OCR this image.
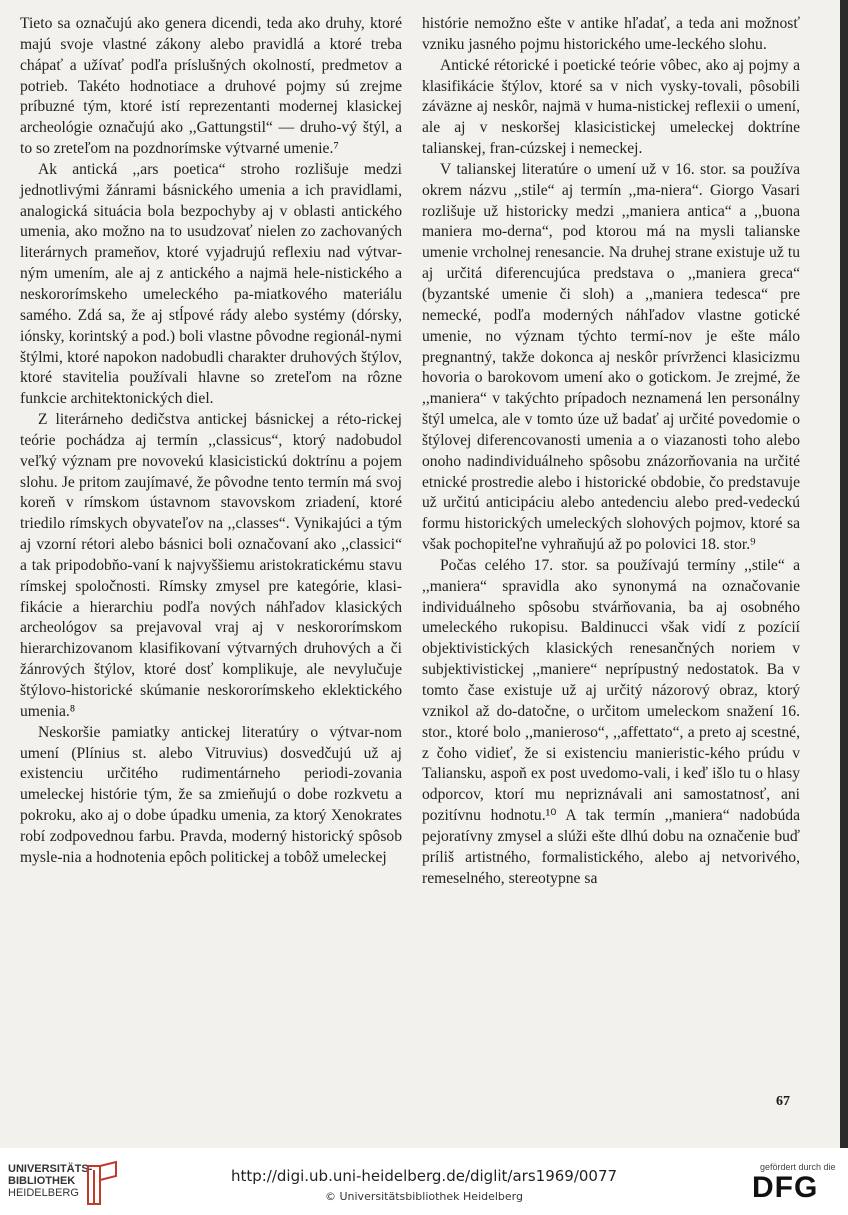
Tieto sa označujú ako genera dicendi, teda ako druhy, ktoré majú svoje vlastné zákony alebo pravidlá a ktoré treba chápať a užívať podľa príslušných okolností, predmetov a potrieb. Takéto hodnotiace a druhové pojmy sú zrejme príbuzné tým, ktoré istí reprezentanti modernej klasickej archeológie označujú ako ,,Gattungstil“ — druho-vý štýl, a to so zreteľom na pozdnorímske výtvarné umenie.⁷

Ak antická ,,ars poetica“ stroho rozlišuje medzi jednotlivými žánrami básnického umenia a ich pravidlami, analogická situácia bola bezpochyby aj v oblasti antického umenia, ako možno na to usudzovať nielen zo zachovaných literárnych prameňov, ktoré vyjadrujú reflexiu nad výtvar-ným umením, ale aj z antického a najmä hele-nistického a neskororímskeho umeleckého pa-miatkového materiálu samého. Zdá sa, že aj stĺpové rády alebo systémy (dórsky, iónsky, korintský a pod.) boli vlastne pôvodne regionál-nymi štýlmi, ktoré napokon nadobudli charakter druhových štýlov, ktoré stavitelia používali hlavne so zreteľom na rôzne funkcie architektonických diel.

Z literárneho dedičstva antickej básnickej a réto-rickej teórie pochádza aj termín ,,classicus“, ktorý nadobudol veľký význam pre novovekú klasicistickú doktrínu a pojem slohu. Je pritom zaujímavé, že pôvodne tento termín má svoj koreň v rímskom ústavnom stavovskom zriadení, ktoré triedilo rímskych obyvateľov na ,,classes“. Vynikajúci a tým aj vzorní rétori alebo básnici boli označovaní ako ,,classici“ a tak pripodobňo-vaní k najvyššiemu aristokratickému stavu rímskej spoločnosti. Rímsky zmysel pre kategórie, klasi-fikácie a hierarchiu podľa nových náhľadov klasických archeológov sa prejavoval vraj aj v neskororímskom hierarchizovanom klasifikovaní výtvarných druhových a či žánrových štýlov, ktoré dosť komplikuje, ale nevylučuje štýlovo-historické skúmanie neskororímskeho eklektického umenia.⁸

Neskoršie pamiatky antickej literatúry o výtvar-nom umení (Plínius st. alebo Vitruvius) dosvedčujú už aj existenciu určitého rudimentárneho periodi-zovania umeleckej histórie tým, že sa zmieňujú o dobe rozkvetu a pokroku, ako aj o dobe úpadku umenia, za ktorý Xenokrates robí zodpovednou farbu. Pravda, moderný historický spôsob mysle-nia a hodnotenia epôch politickej a tobôž umeleckej

histórie nemožno ešte v antike hľadať, a teda ani možnosť vzniku jasného pojmu historického ume-leckého slohu.

Antické rétorické i poetické teórie vôbec, ako aj pojmy a klasifikácie štýlov, ktoré sa v nich vysky-tovali, pôsobili záväzne aj neskôr, najmä v huma-nistickej reflexii o umení, ale aj v neskoršej klasicistickej umeleckej doktríne talianskej, fran-cúzskej i nemeckej.

V talianskej literatúre o umení už v 16. stor. sa používa okrem názvu ,,stile“ aj termín ,,ma-niera“. Giorgo Vasari rozlišuje už historicky medzi ,,maniera antica“ a ,,buona maniera mo-derna“, pod ktorou má na mysli talianske umenie vrcholnej renesancie. Na druhej strane existuje už tu aj určitá diferencujúca predstava o ,,maniera greca“ (byzantské umenie či sloh) a ,,maniera tedesca“ pre nemecké, podľa moderných náhľadov vlastne gotické umenie, no význam týchto termí-nov je ešte málo pregnantný, takže dokonca aj neskôr prívrženci klasicizmu hovoria o barokovom umení ako o gotickom. Je zrejmé, že ,,maniera“ v takýchto prípadoch neznamená len personálny štýl umelca, ale v tomto úze už badať aj určité povedomie o štýlovej diferencovanosti umenia a o viazanosti toho alebo onoho nadindividuálneho spôsobu znázorňovania na určité etnické prostredie alebo i historické obdobie, čo predstavuje už určitú anticipáciu alebo antedenciu alebo pred-vedeckú formu historických umeleckých slohových pojmov, ktoré sa však pochopiteľne vyhraňujú až po polovici 18. stor.⁹

Počas celého 17. stor. sa používajú termíny ,,stile“ a ,,maniera“ spravidla ako synonymá na označovanie individuálneho spôsobu stvárňovania, ba aj osobného umeleckého rukopisu. Baldinucci však vidí z pozícií objektivistických klasických renesančných noriem v subjektivistickej ,,maniere“ neprípustný nedostatok. Ba v tomto čase existuje už aj určitý názorový obraz, ktorý vznikol až do-datočne, o určitom umeleckom snažení 16. stor., ktoré bolo ,,manieroso“, ,,affettato“, a preto aj scestné, z čoho vidieť, že si existenciu manieristic-kého prúdu v Taliansku, aspoň ex post uvedomo-vali, i keď išlo tu o hlasy odporcov, ktorí mu nepriznávali ani samostatnosť, ani pozitívnu hodnotu.¹⁰ A tak termín ,,maniera“ nadobúda pejoratívny zmysel a slúži ešte dlhú dobu na označenie buď príliš artistného, formalistického, alebo aj netvorivého, remeselného, stereotypne sa

67
UNIVERSITÄTS-
BIBLIOTHEK
HEIDELBERG
http://digi.ub.uni-heidelberg.de/diglit/ars1969/0077
© Universitätsbibliothek Heidelberg
gefördert durch die
DFG
